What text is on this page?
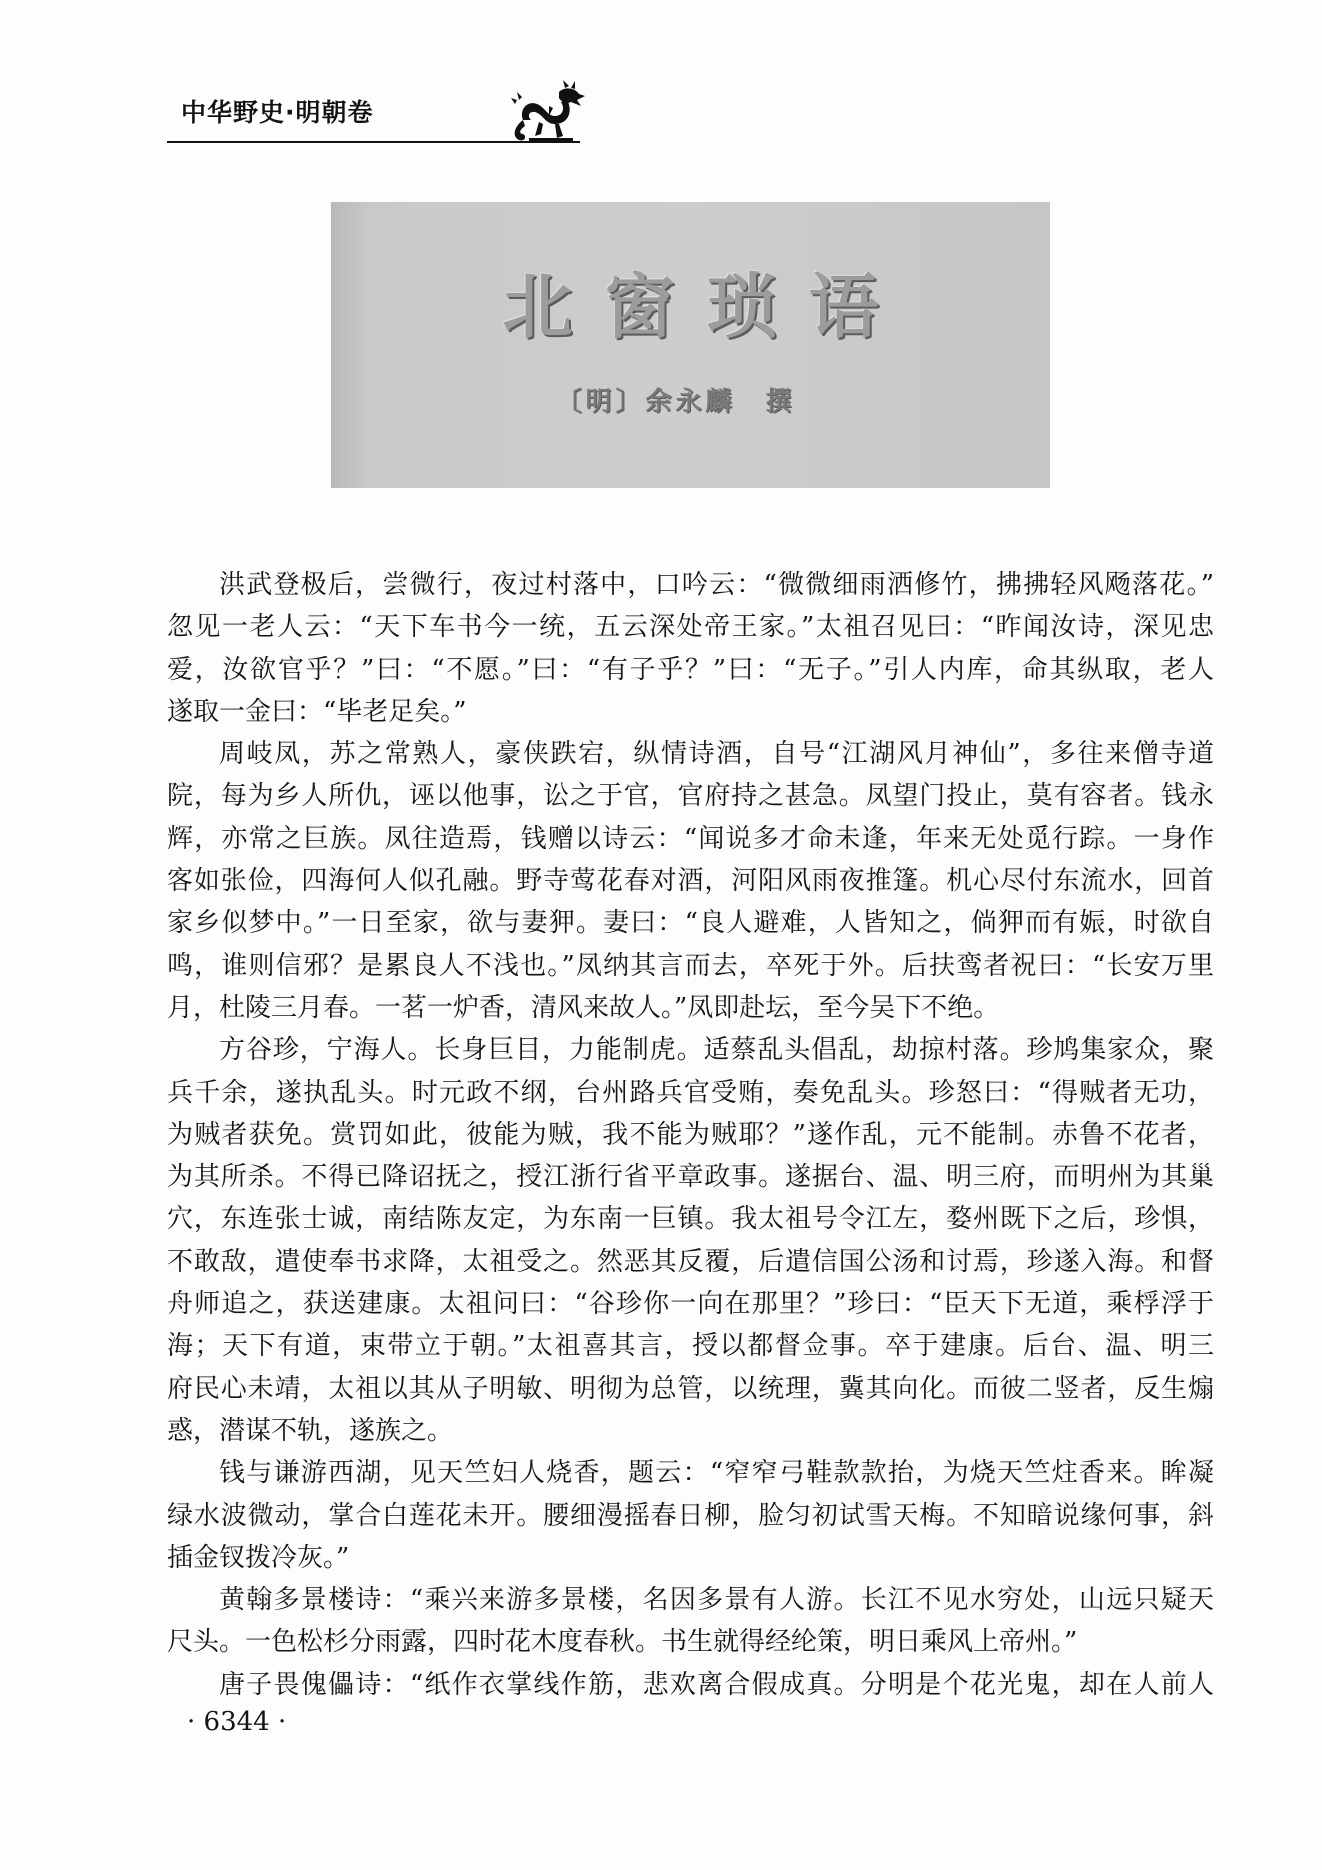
中华野史·明朝卷
北窗琐语
〔明〕余永麟　撰
洪武登极后，尝微行，夜过村落中，口吟云：“微微细雨洒修竹，拂拂轻风飏落花。”
忽见一老人云：“天下车书今一统，五云深处帝王家。”太祖召见曰：“昨闻汝诗，深见忠
爱，汝欲官乎？”曰：“不愿。”曰：“有子乎？”曰：“无子。”引人内库，命其纵取，老人
遂取一金曰：“毕老足矣。”
周岐凤，苏之常熟人，豪侠跌宕，纵情诗酒，自号“江湖风月神仙”，多往来僧寺道
院，每为乡人所仇，诬以他事，讼之于官，官府持之甚急。凤望门投止，莫有容者。钱永
辉，亦常之巨族。凤往造焉，钱赠以诗云：“闻说多才命未逢，年来无处觅行踪。一身作
客如张俭，四海何人似孔融。野寺莺花春对酒，河阳风雨夜推篷。机心尽付东流水，回首
家乡似梦中。”一日至家，欲与妻狎。妻曰：“良人避难，人皆知之，倘狎而有娠，时欲自
鸣，谁则信邪？是累良人不浅也。”凤纳其言而去，卒死于外。后扶鸾者祝曰：“长安万里
月，杜陵三月春。一茗一炉香，清风来故人。”凤即赴坛，至今吴下不绝。
方谷珍，宁海人。长身巨目，力能制虎。适蔡乱头倡乱，劫掠村落。珍鸠集家众，聚
兵千余，遂执乱头。时元政不纲，台州路兵官受贿，奏免乱头。珍怒曰：“得贼者无功，
为贼者获免。赏罚如此，彼能为贼，我不能为贼耶？”遂作乱，元不能制。赤鲁不花者，
为其所杀。不得已降诏抚之，授江浙行省平章政事。遂据台、温、明三府，而明州为其巢
穴，东连张士诚，南结陈友定，为东南一巨镇。我太祖号令江左，婺州既下之后，珍惧，
不敢敌，遣使奉书求降，太祖受之。然恶其反覆，后遣信国公汤和讨焉，珍遂入海。和督
舟师追之，获送建康。太祖问曰：“谷珍你一向在那里？”珍曰：“臣天下无道，乘桴浮于
海；天下有道，束带立于朝。”太祖喜其言，授以都督佥事。卒于建康。后台、温、明三
府民心未靖，太祖以其从子明敏、明彻为总管，以统理，冀其向化。而彼二竖者，反生煽
惑，潜谋不轨，遂族之。
钱与谦游西湖，见天竺妇人烧香，题云：“窄窄弓鞋款款抬，为烧天竺炷香来。眸凝
绿水波微动，掌合白莲花未开。腰细漫摇春日柳，脸匀初试雪天梅。不知暗说缘何事，斜
插金钗拨冷灰。”
黄翰多景楼诗：“乘兴来游多景楼，名因多景有人游。长江不见水穷处，山远只疑天
尺头。一色松杉分雨露，四时花木度春秋。书生就得经纶策，明日乘风上帝州。”
唐子畏傀儡诗：“纸作衣掌线作筋，悲欢离合假成真。分明是个花光鬼，却在人前人
· 6344 ·
